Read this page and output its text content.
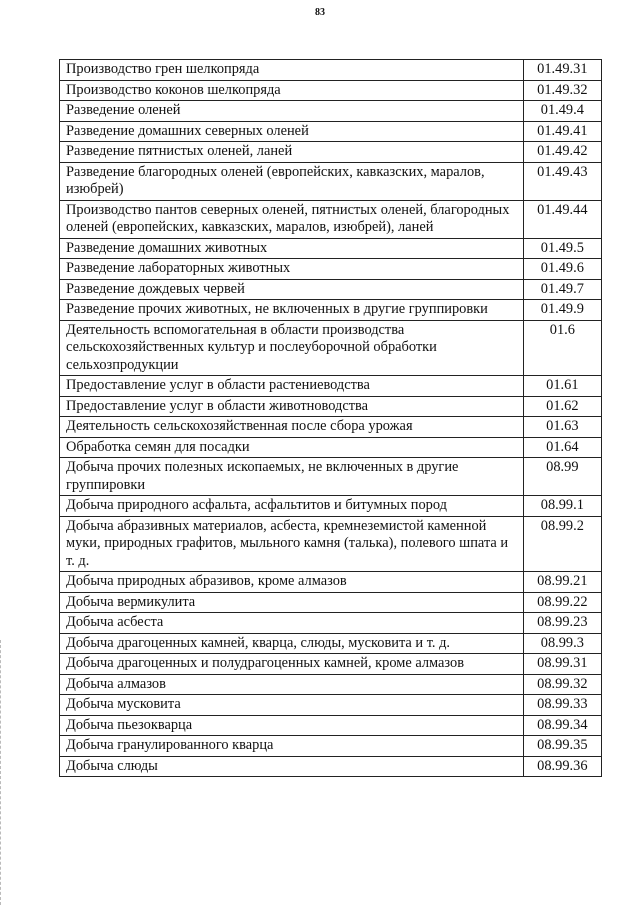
83
Производство грен шелкопряда	01.49.31
Производство коконов шелкопряда	01.49.32
Разведение оленей	01.49.4
Разведение домашних северных оленей	01.49.41
Разведение пятнистых оленей, ланей	01.49.42
Разведение благородных оленей (европейских, кавказских, маралов, изюбрей)	01.49.43
Производство пантов северных оленей, пятнистых оленей, благородных оленей (европейских, кавказских, маралов, изюбрей), ланей	01.49.44
Разведение домашних животных	01.49.5
Разведение лабораторных животных	01.49.6
Разведение дождевых червей	01.49.7
Разведение прочих животных, не включенных в другие группировки	01.49.9
Деятельность вспомогательная в области производства сельскохозяйственных культур и послеуборочной обработки сельхозпродукции	01.6
Предоставление услуг в области растениеводства	01.61
Предоставление услуг в области животноводства	01.62
Деятельность сельскохозяйственная после сбора урожая	01.63
Обработка семян для посадки	01.64
Добыча прочих полезных ископаемых, не включенных в другие группировки	08.99
Добыча природного асфальта, асфальтитов и битумных пород	08.99.1
Добыча абразивных материалов, асбеста, кремнеземистой каменной муки, природных графитов, мыльного камня (талька), полевого шпата и т. д.	08.99.2
Добыча природных абразивов, кроме алмазов	08.99.21
Добыча вермикулита	08.99.22
Добыча асбеста	08.99.23
Добыча драгоценных камней, кварца, слюды, мусковита и т. д.	08.99.3
Добыча драгоценных и полудрагоценных камней, кроме алмазов	08.99.31
Добыча алмазов	08.99.32
Добыча мусковита	08.99.33
Добыча пьезокварца	08.99.34
Добыча гранулированного кварца	08.99.35
Добыча слюды	08.99.36
